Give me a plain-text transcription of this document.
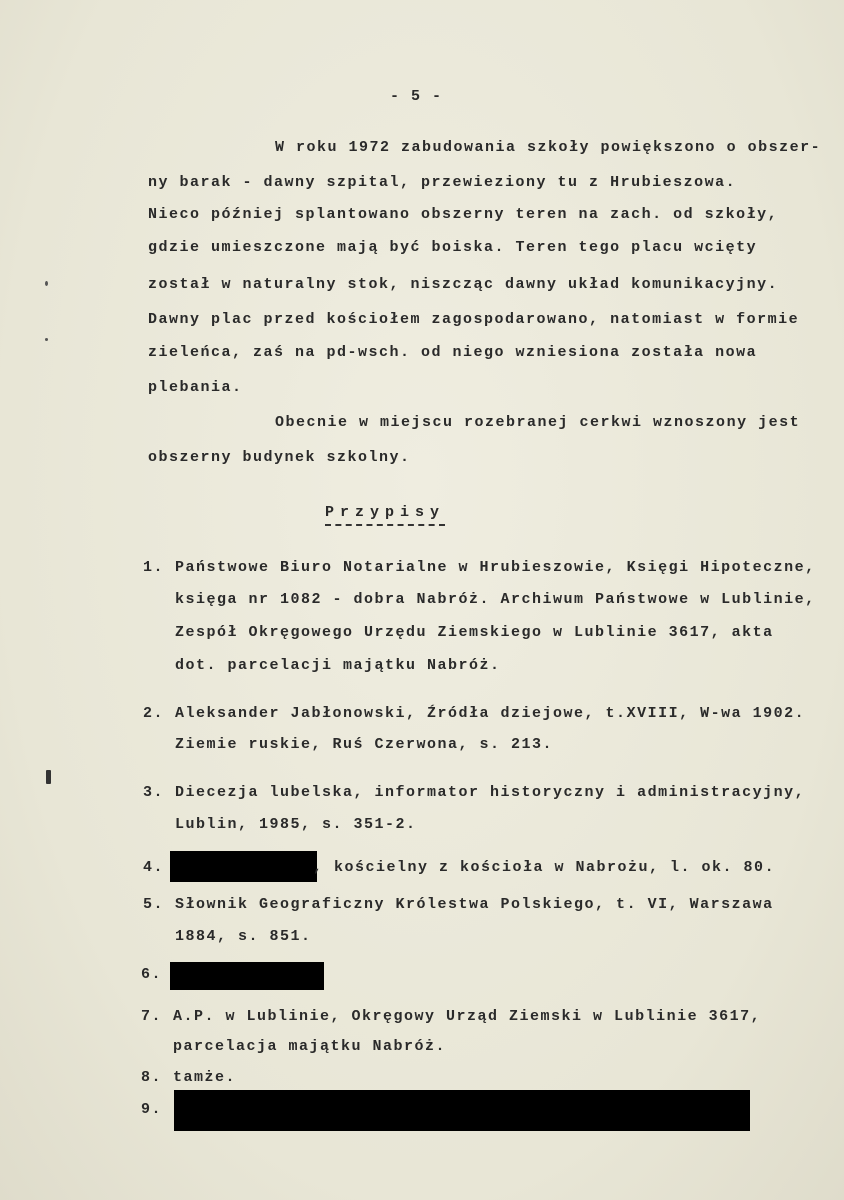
- 5 -
W roku 1972 zabudowania szkoły powiększono o obszer-
ny barak - dawny szpital, przewieziony tu z Hrubieszowa.
Nieco później splantowano obszerny teren na zach. od szkoły,
gdzie umieszczone mają być boiska. Teren tego placu wcięty
został w naturalny stok, niszcząc dawny układ komunikacyjny.
Dawny plac przed kościołem zagospodarowano, natomiast w formie
zieleńca, zaś na pd-wsch. od niego wzniesiona została nowa
plebania.
Obecnie w miejscu rozebranej cerkwi wznoszony jest
obszerny budynek szkolny.
Przypisy
1. Państwowe Biuro Notarialne w Hrubieszowie, Księgi Hipoteczne,
księga nr 1082 - dobra Nabróż. Archiwum Państwowe w Lublinie,
Zespół Okręgowego Urzędu Ziemskiego w Lublinie 3617, akta
dot. parcelacji majątku Nabróż.
2. Aleksander Jabłonowski, Źródła dziejowe, t.XVIII, W-wa 1902.
Ziemie ruskie, Ruś Czerwona, s. 213.
3. Diecezja lubelska, informator historyczny i administracyjny,
Lublin, 1985, s. 351-2.
4.	, kościelny z kościoła w Nabrożu, l. ok. 80.
5. Słownik Geograficzny Królestwa Polskiego, t. VI, Warszawa
1884, s. 851.
6.
7. A.P. w Lublinie, Okręgowy Urząd Ziemski w Lublinie 3617,
parcelacja majątku Nabróż.
8. tamże.
9.
